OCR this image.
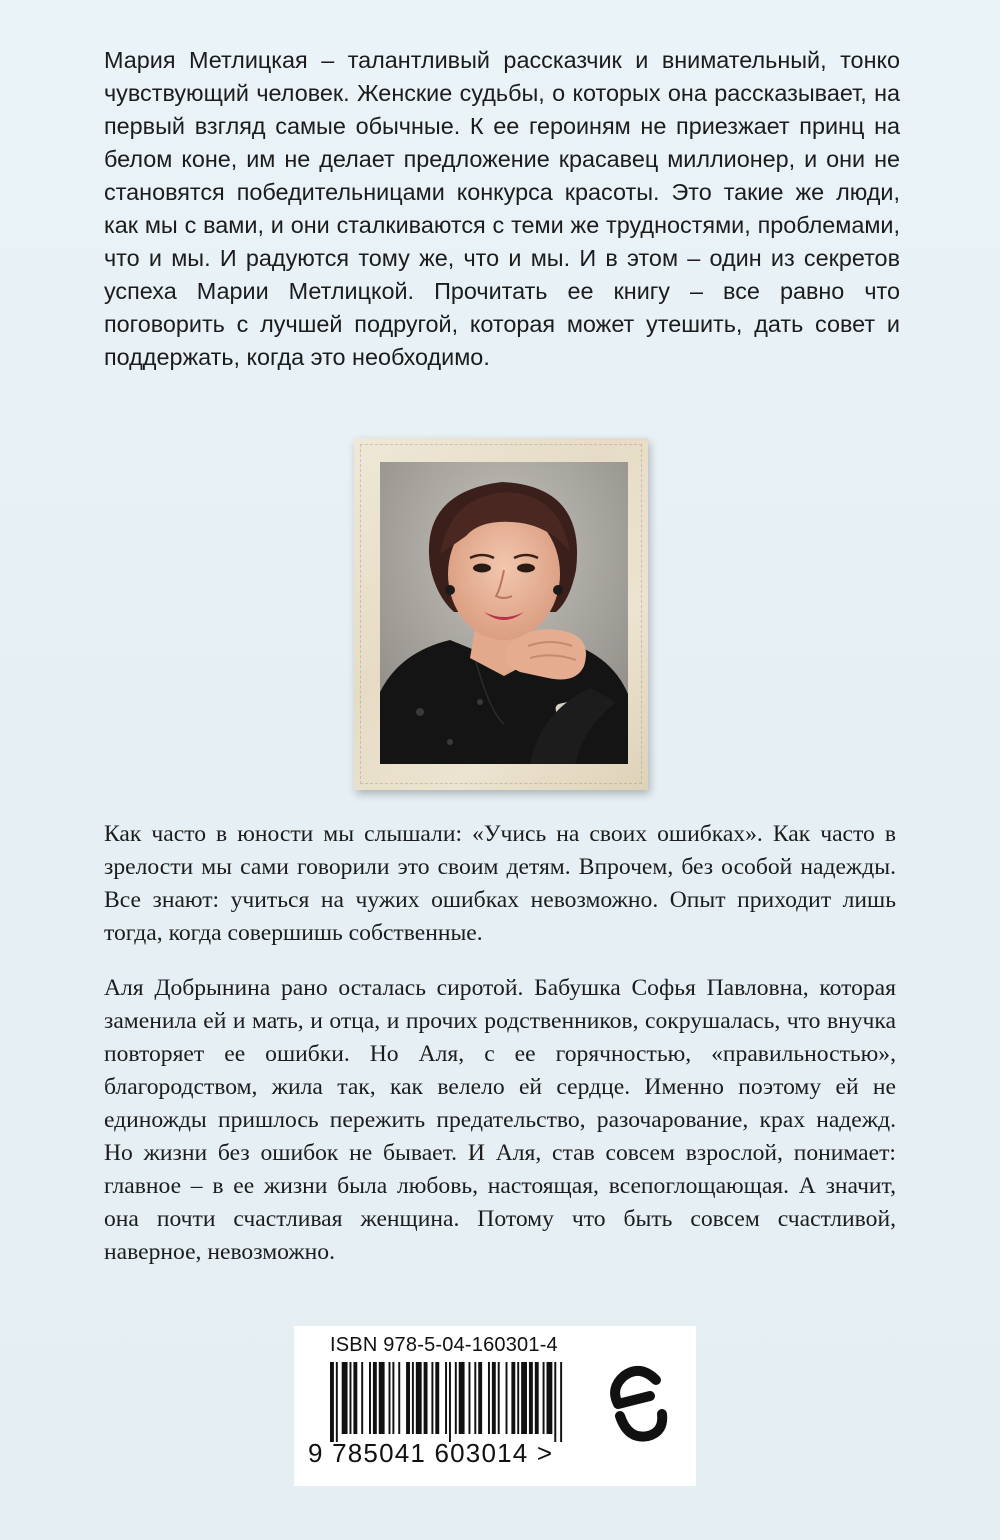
Мария Метлицкая – талантливый рассказчик и внимательный, тонко чувствующий человек. Женские судьбы, о которых она рассказывает, на первый взгляд самые обычные. К ее героиням не приезжает принц на белом коне, им не делает предложение красавец миллионер, и они не становятся победительницами конкурса красоты. Это такие же люди, как мы с вами, и они сталкиваются с теми же трудностями, проблемами, что и мы. И радуются тому же, что и мы. И в этом – один из секретов успеха Марии Метлицкой. Прочитать ее книгу – все равно что поговорить с лучшей подругой, которая может утешить, дать совет и поддержать, когда это необходимо.

Как часто в юности мы слышали: «Учись на своих ошибках». Как часто в зрелости мы сами говорили это своим детям. Впрочем, без особой надежды. Все знают: учиться на чужих ошибках невозможно. Опыт приходит лишь тогда, когда совершишь собственные.

Аля Добрынина рано осталась сиротой. Бабушка Софья Павловна, которая заменила ей и мать, и отца, и прочих родственников, сокрушалась, что внучка повторяет ее ошибки. Но Аля, с ее горячностью, «правильностью», благородством, жила так, как велело ей сердце. Именно поэтому ей не единожды пришлось пережить предательство, разочарование, крах надежд. Но жизни без ошибок не бывает. И Аля, став совсем взрослой, понимает: главное – в ее жизни была любовь, настоящая, всепоглощающая. А значит, она почти счастливая женщина. Потому что быть совсем счастливой, наверное, невозможно.

ISBN 978-5-04-160301-4
9 785041 603014 >
